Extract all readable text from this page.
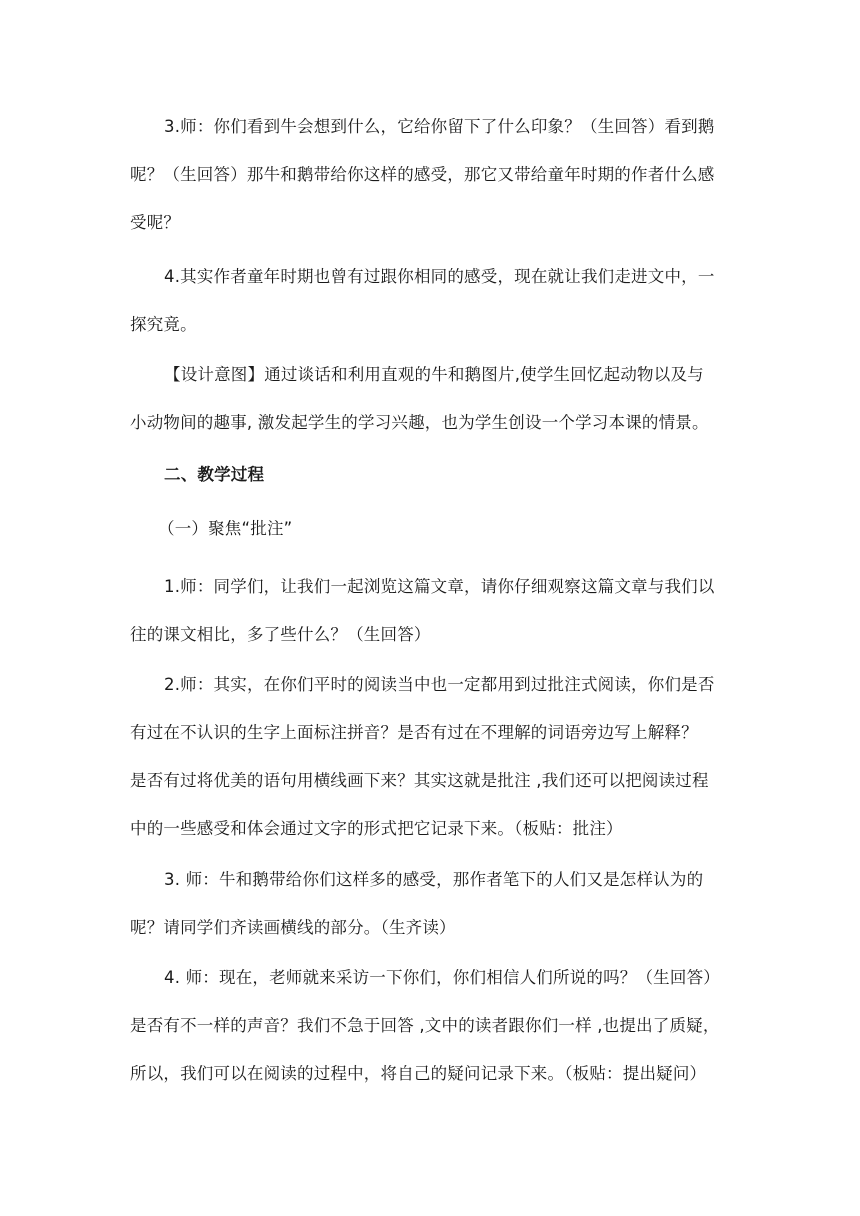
3.师：你们看到牛会想到什么，它给你留下了什么印象？（生回答）看到鹅
呢？（生回答）那牛和鹅带给你这样的感受，那它又带给童年时期的作者什么感
受呢？
4.其实作者童年时期也曾有过跟你相同的感受，现在就让我们走进文中，一
探究竟。
【设计意图】通过谈话和利用直观的牛和鹅图片,使学生回忆起动物以及与
小动物间的趣事, 激发起学生的学习兴趣，也为学生创设一个学习本课的情景。
二、教学过程
（一）聚焦“批注”
1.师：同学们，让我们一起浏览这篇文章，请你仔细观察这篇文章与我们以
往的课文相比，多了些什么？（生回答）
2.师：其实，在你们平时的阅读当中也一定都用到过批注式阅读，你们是否
有过在不认识的生字上面标注拼音？是否有过在不理解的词语旁边写上解释？
是否有过将优美的语句用横线画下来？其实这就是批注 ,我们还可以把阅读过程
中的一些感受和体会通过文字的形式把它记录下来。（板贴：批注）
3. 师：牛和鹅带给你们这样多的感受，那作者笔下的人们又是怎样认为的
呢？请同学们齐读画横线的部分。（生齐读）
4. 师：现在，老师就来采访一下你们，你们相信人们所说的吗？（生回答）
是否有不一样的声音？我们不急于回答 ,文中的读者跟你们一样 ,也提出了质疑，
所以，我们可以在阅读的过程中，将自己的疑问记录下来。（板贴：提出疑问）
